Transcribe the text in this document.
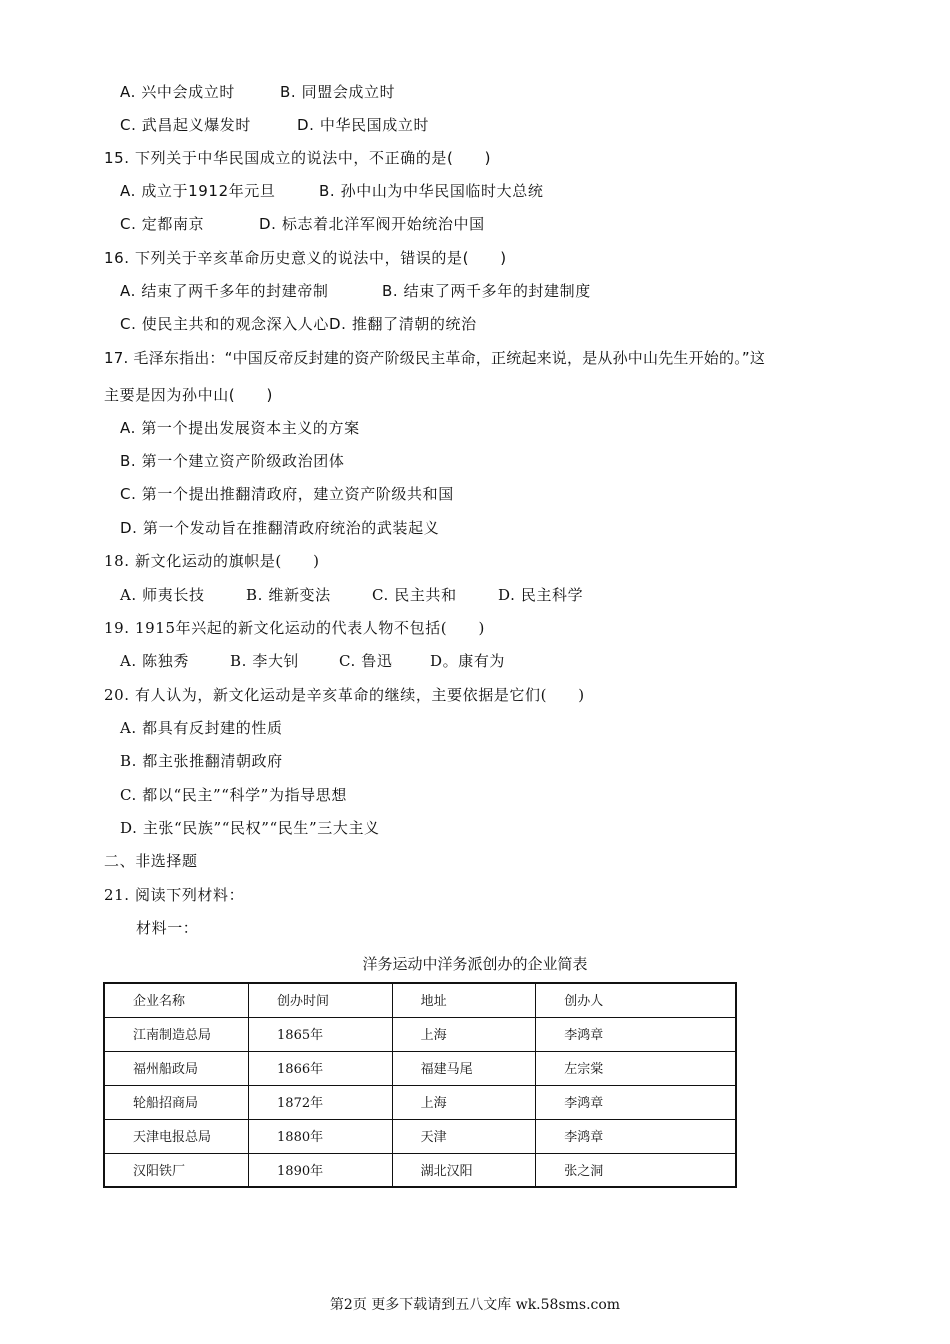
A. 兴中会成立时	B. 同盟会成立时
C. 武昌起义爆发时	D. 中华民国成立时
15. 下列关于中华民国成立的说法中，不正确的是(　　)
A. 成立于1912年元旦	B. 孙中山为中华民国临时大总统
C. 定都南京	D. 标志着北洋军阀开始统治中国
16. 下列关于辛亥革命历史意义的说法中，错误的是(　　)
A. 结束了两千多年的封建帝制	B. 结束了两千多年的封建制度
C. 使民主共和的观念深入人心D. 推翻了清朝的统治
17. 毛泽东指出：“中国反帝反封建的资产阶级民主革命，正统起来说，是从孙中山先生开始的。”这
主要是因为孙中山(　　)
A. 第一个提出发展资本主义的方案
B. 第一个建立资产阶级政治团体
C. 第一个提出推翻清政府，建立资产阶级共和国
D. 第一个发动旨在推翻清政府统治的武装起义
18. 新文化运动的旗帜是(　　)
A. 师夷长技	B. 维新变法	C. 民主共和	D. 民主科学
19. 1915年兴起的新文化运动的代表人物不包括(　　)
A. 陈独秀	B. 李大钊	C. 鲁迅	D。康有为
20. 有人认为，新文化运动是辛亥革命的继续，主要依据是它们(　　)
A. 都具有反封建的性质
B. 都主张推翻清朝政府
C. 都以“民主”“科学”为指导思想
D. 主张“民族”“民权”“民生”三大主义
二、非选择题
21. 阅读下列材料：
材料一：
洋务运动中洋务派创办的企业简表
企业名称	创办时间	地址	创办人
江南制造总局	1865年	上海	李鸿章
福州船政局	1866年	福建马尾	左宗棠
轮船招商局	1872年	上海	李鸿章
天津电报总局	1880年	天津	李鸿章
汉阳铁厂	1890年	湖北汉阳	张之洞
第2页 更多下载请到五八文库 wk.58sms.com
